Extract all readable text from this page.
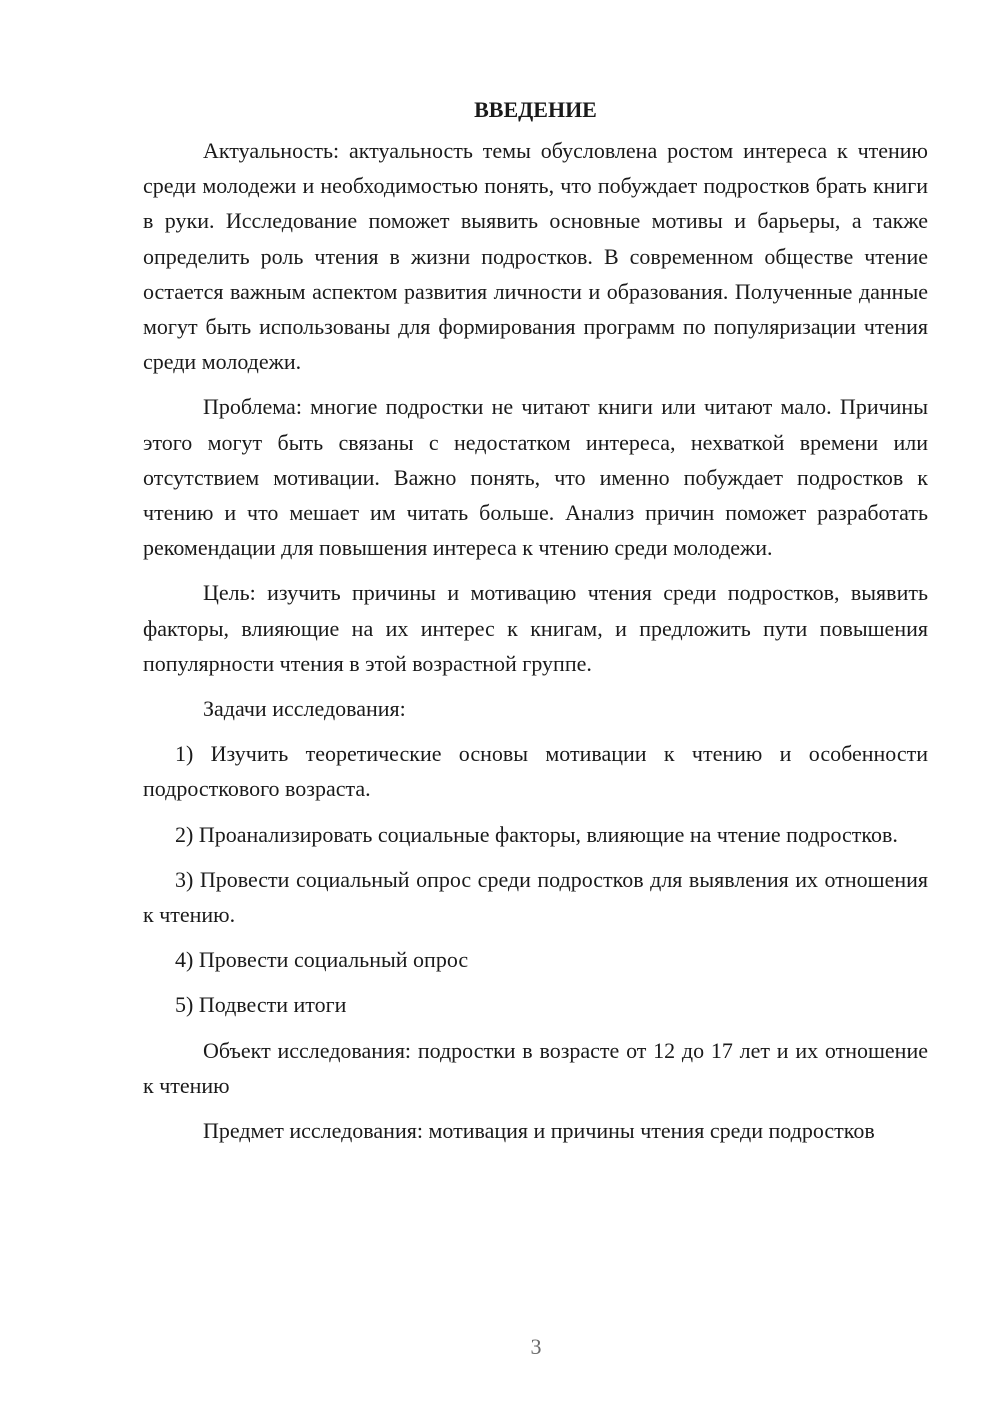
ВВЕДЕНИЕ

Актуальность: актуальность темы обусловлена ростом интереса к чтению среди молодежи и необходимостью понять, что побуждает подростков брать книги в руки. Исследование поможет выявить основные мотивы и барьеры, а также определить роль чтения в жизни подростков. В современном обществе чтение остается важным аспектом развития личности и образования. Полученные данные могут быть использованы для формирования программ по популяризации чтения среди молодежи.

Проблема: многие подростки не читают книги или читают мало. Причины этого могут быть связаны с недостатком интереса, нехваткой времени или отсутствием мотивации. Важно понять, что именно побуждает подростков к чтению и что мешает им читать больше. Анализ причин поможет разработать рекомендации для повышения интереса к чтению среди молодежи.

Цель: изучить причины и мотивацию чтения среди подростков, выявить факторы, влияющие на их интерес к книгам, и предложить пути повышения популярности чтения в этой возрастной группе.

Задачи исследования:

1) Изучить теоретические основы мотивации к чтению и особенности подросткового возраста.

2) Проанализировать социальные факторы, влияющие на чтение подростков.

3) Провести социальный опрос среди подростков для выявления их отношения к чтению.

4) Провести социальный опрос

5) Подвести итоги

Объект исследования: подростки в возрасте от 12 до 17 лет и их отношение к чтению

Предмет исследования: мотивация и причины чтения среди подростков

3
